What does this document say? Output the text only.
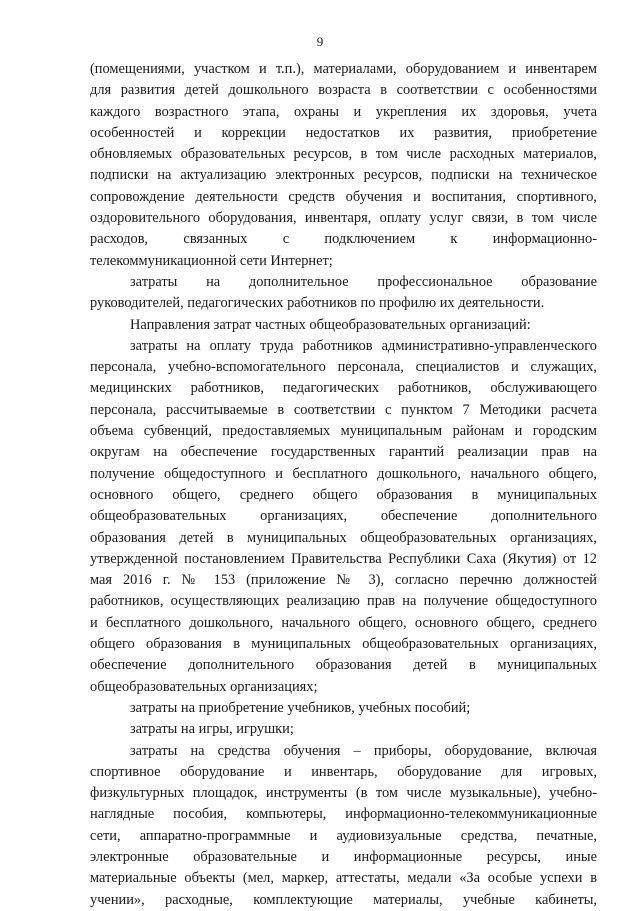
9

(помещениями, участком и т.п.), материалами, оборудованием и инвентарем
для развития детей дошкольного возраста в соответствии с особенностями
каждого возрастного этапа, охраны и укрепления их здоровья, учета
особенностей и коррекции недостатков их развития, приобретение
обновляемых образовательных ресурсов, в том числе расходных материалов,
подписки на актуализацию электронных ресурсов, подписки на техническое
сопровождение деятельности средств обучения и воспитания, спортивного,
оздоровительного оборудования, инвентаря, оплату услуг связи, в том числе
расходов, связанных с подключением к информационно-
телекоммуникационной сети Интернет;

затраты на дополнительное профессиональное образование
руководителей, педагогических работников по профилю их деятельности.

Направления затрат частных общеобразовательных организаций:

затраты на оплату труда работников административно-управленческого
персонала, учебно-вспомогательного персонала, специалистов и служащих,
медицинских работников, педагогических работников, обслуживающего
персонала, рассчитываемые в соответствии с пунктом 7 Методики расчета
объема субвенций, предоставляемых муниципальным районам и городским
округам на обеспечение государственных гарантий реализации прав на
получение общедоступного и бесплатного дошкольного, начального общего,
основного общего, среднего общего образования в муниципальных
общеобразовательных организациях, обеспечение дополнительного
образования детей в муниципальных общеобразовательных организациях,
утвержденной постановлением Правительства Республики Саха (Якутия) от 12
мая 2016 г. № 153 (приложение № 3), согласно перечню должностей
работников, осуществляющих реализацию прав на получение общедоступного
и бесплатного дошкольного, начального общего, основного общего, среднего
общего образования в муниципальных общеобразовательных организациях,
обеспечение дополнительного образования детей в муниципальных
общеобразовательных организациях;

затраты на приобретение учебников, учебных пособий;

затраты на игры, игрушки;

затраты на средства обучения – приборы, оборудование, включая
спортивное оборудование и инвентарь, оборудование для игровых,
физкультурных площадок, инструменты (в том числе музыкальные), учебно-
наглядные пособия, компьютеры, информационно-телекоммуникационные
сети, аппаратно-программные и аудиовизуальные средства, печатные,
электронные образовательные и информационные ресурсы, иные
материальные объекты (мел, маркер, аттестаты, медали «За особые успехи в
учении», расходные, комплектующие материалы, учебные кабинеты,
